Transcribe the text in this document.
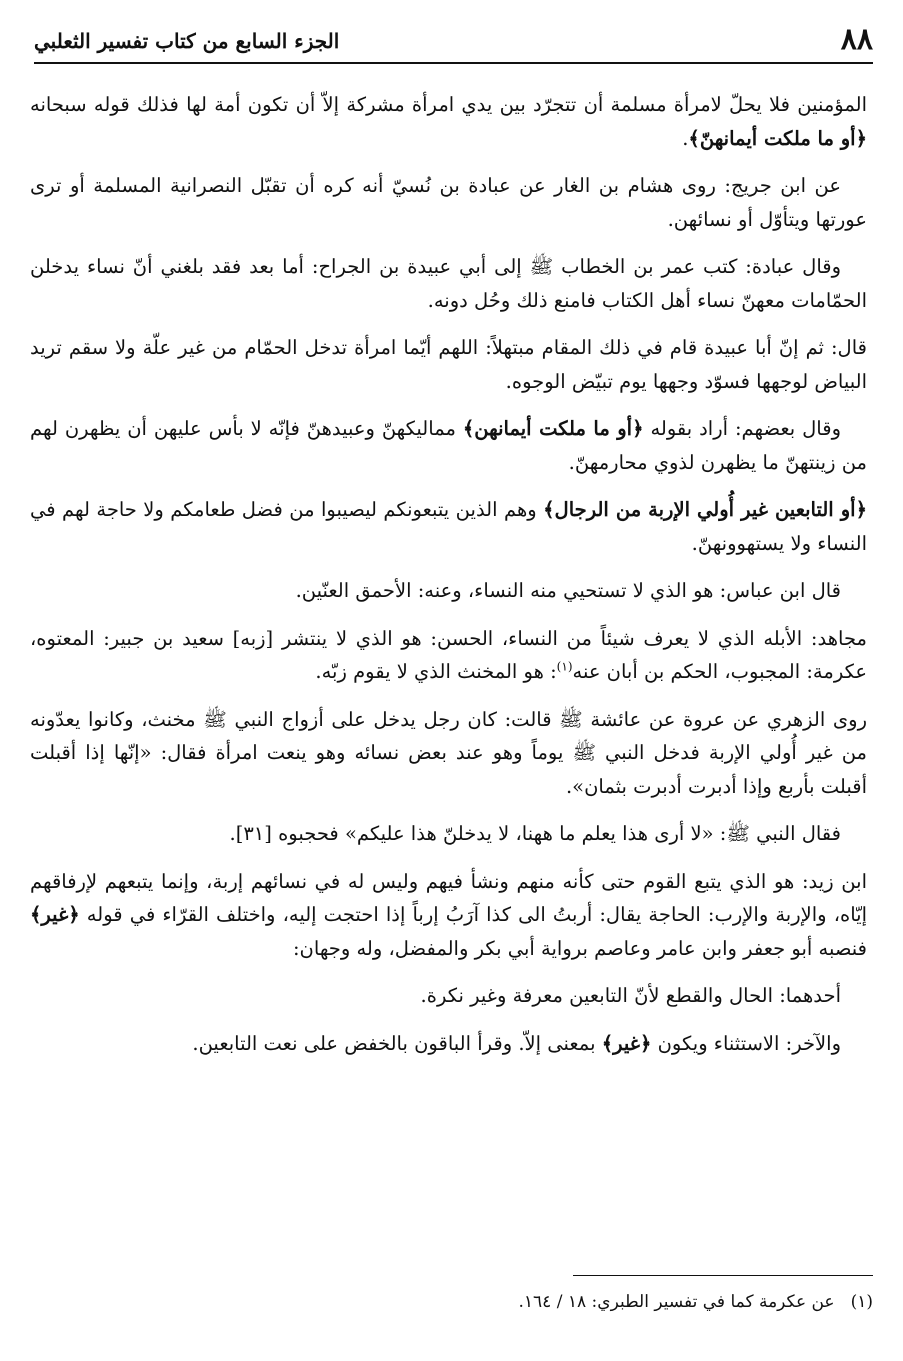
٨٨
الجزء السابع من كتاب تفسير الثعلبي

المؤمنين فلا يحلّ لامرأة مسلمة أن تتجرّد بين يدي امرأة مشركة إلاّ أن تكون أمة لها فذلك قوله سبحانه ﴿أو ما ملكت أيمانهنّ﴾.

عن ابن جريج: روى هشام بن الغار عن عبادة بن نُسيّ أنه كره أن تقبّل النصرانية المسلمة أو ترى عورتها ويتأوّل أو نسائهن.

وقال عبادة: كتب عمر بن الخطاب ﷺ إلى أبي عبيدة بن الجراح: أما بعد فقد بلغني أنّ نساء يدخلن الحمّامات معهنّ نساء أهل الكتاب فامنع ذلك وحُل دونه.

قال: ثم إنّ أبا عبيدة قام في ذلك المقام مبتهلاً: اللهم أيّما امرأة تدخل الحمّام من غير علّة ولا سقم تريد البياض لوجهها فسوّد وجهها يوم تبيّض الوجوه.

وقال بعضهم: أراد بقوله ﴿أو ما ملكت أيمانهن﴾ مماليكهنّ وعبيدهنّ فإنّه لا بأس عليهن أن يظهرن لهم من زينتهنّ ما يظهرن لذوي محارمهنّ.

﴿أو التابعين غير أُولي الإربة من الرجال﴾ وهم الذين يتبعونكم ليصيبوا من فضل طعامكم ولا حاجة لهم في النساء ولا يستهوونهنّ.

قال ابن عباس: هو الذي لا تستحيي منه النساء، وعنه: الأحمق العنّين.

مجاهد: الأبله الذي لا يعرف شيئاً من النساء، الحسن: هو الذي لا ينتشر [زبه] سعيد بن جبير: المعتوه، عكرمة: المجبوب، الحكم بن أبان عنه$^{(١)}$: هو المخنث الذي لا يقوم زبّه.

روى الزهري عن عروة عن عائشة ﷺ قالت: كان رجل يدخل على أزواج النبي ﷺ مخنث، وكانوا يعدّونه من غير أُولي الإربة فدخل النبي ﷺ يوماً وهو عند بعض نسائه وهو ينعت امرأة فقال: «إنّها إذا أقبلت أقبلت بأربع وإذا أدبرت أدبرت بثمان».

فقال النبي ﷺ: «لا أرى هذا يعلم ما ههنا، لا يدخلنّ هذا عليكم» فحجبوه [٣١].

ابن زيد: هو الذي يتبع القوم حتى كأنه منهم ونشأ فيهم وليس له في نسائهم إربة، وإنما يتبعهم لإرفاقهم إيّاه، والإربة والإرب: الحاجة يقال: أربتُ الى كذا آرَبُ إرباً إذا احتجت إليه، واختلف القرّاء في قوله ﴿غير﴾ فنصبه أبو جعفر وابن عامر وعاصم برواية أبي بكر والمفضل، وله وجهان:

أحدهما: الحال والقطع لأنّ التابعين معرفة وغير نكرة.

والآخر: الاستثناء ويكون ﴿غير﴾ بمعنى إلاّ. وقرأ الباقون بالخفض على نعت التابعين.

(١)عن عكرمة كما في تفسير الطبري: ١٨ / ١٦٤.
